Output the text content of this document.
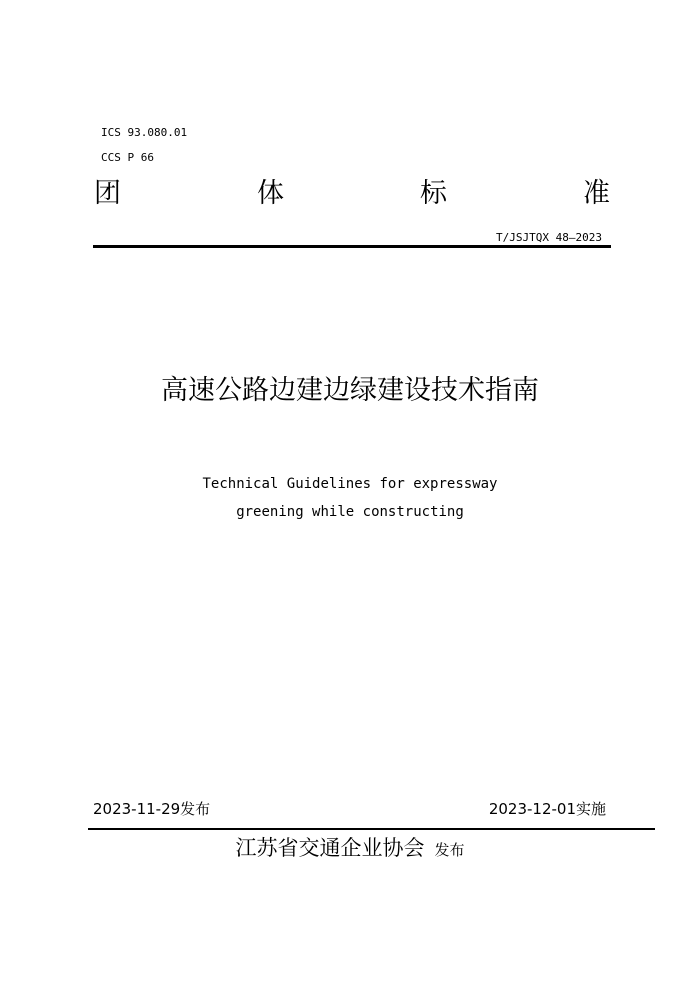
ICS 93.080.01
CCS P 66
团	体	标	准
T/JSJTQX 48—2023
高速公路边建边绿建设技术指南
Technical Guidelines for expressway
greening while constructing
2023-11-29发布	2023-12-01实施
江苏省交通企业协会 发布
